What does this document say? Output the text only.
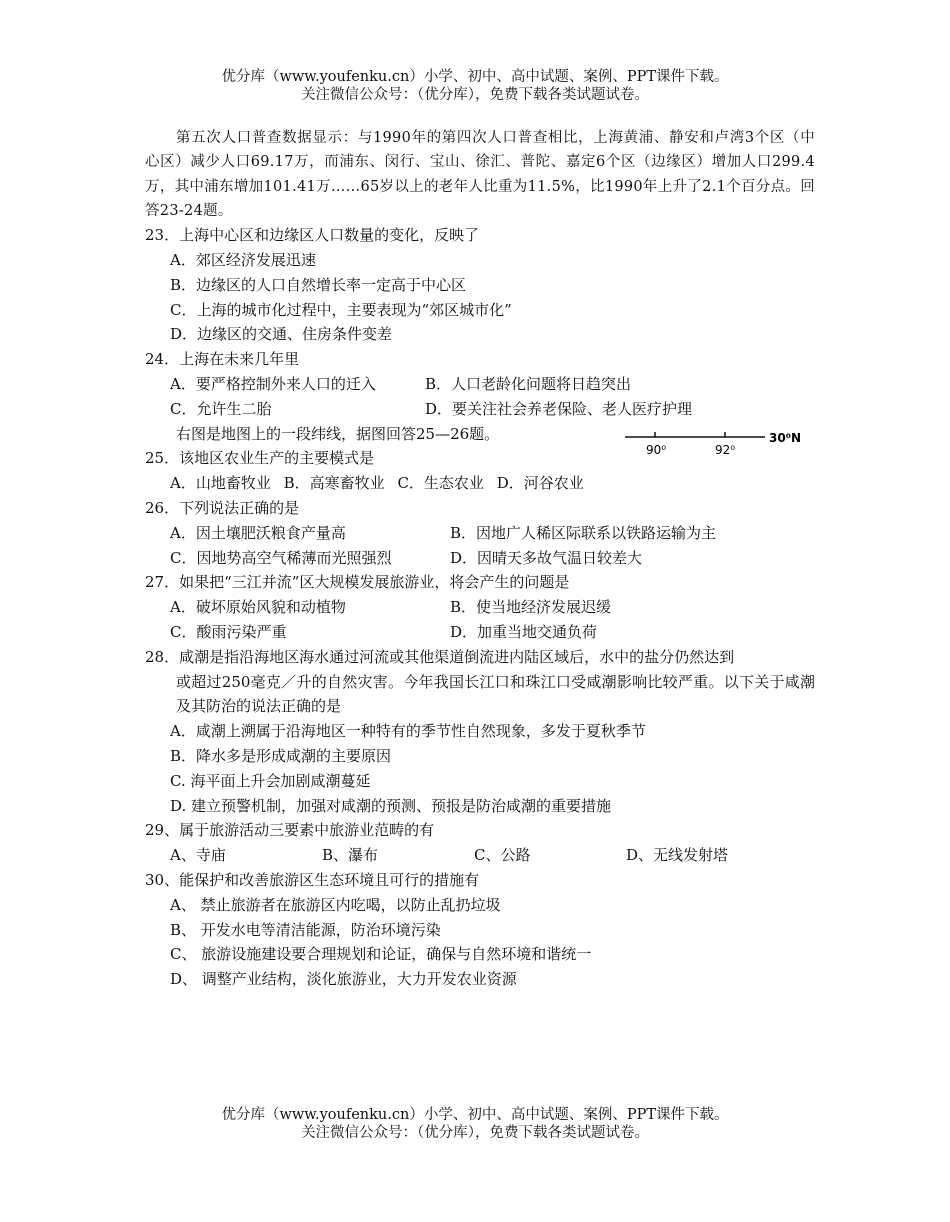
优分库（www.youfenku.cn）小学、初中、高中试题、案例、PPT课件下载。
关注微信公众号：（优分库），免费下载各类试题试卷。

第五次人口普查数据显示：与1990年的第四次人口普查相比，上海黄浦、静安和卢湾3个区（中心区）减少人口69.17万，而浦东、闵行、宝山、徐汇、普陀、嘉定6个区（边缘区）增加人口299.4万，其中浦东增加101.41万……65岁以上的老年人比重为11.5%，比1990年上升了2.1个百分点。回答23-24题。

23．上海中心区和边缘区人口数量的变化，反映了

A．郊区经济发展迅速

B．边缘区的人口自然增长率一定高于中心区

C．上海的城市化过程中，主要表现为“郊区城市化”

D．边缘区的交通、住房条件变差

24．上海在未来几年里

A．要严格控制外来人口的迁入	B．人口老龄化问题将日趋突出
C．允许生二胎	D．要关注社会养老保险、老人医疗护理

右图是地图上的一段纬线，据图回答25—26题。

90⁰	92⁰
30⁰N

25．该地区农业生产的主要模式是

A．山地畜牧业 B．高寒畜牧业 C．生态农业 D．河谷农业

26．下列说法正确的是

A．因土壤肥沃粮食产量高	B．因地广人稀区际联系以铁路运输为主
C．因地势高空气稀薄而光照强烈	D．因晴天多故气温日较差大

27．如果把“三江并流”区大规模发展旅游业，将会产生的问题是

A．破坏原始风貌和动植物	B．使当地经济发展迟缓
C．酸雨污染严重	D．加重当地交通负荷

28．咸潮是指沿海地区海水通过河流或其他渠道倒流进内陆区域后，水中的盐分仍然达到

或超过250毫克／升的自然灾害。今年我国长江口和珠江口受咸潮影响比较严重。以下关于咸潮及其防治的说法正确的是

A．咸潮上溯属于沿海地区一种特有的季节性自然现象，多发于夏秋季节

B．降水多是形成咸潮的主要原因

C. 海平面上升会加剧咸潮蔓延

D. 建立预警机制，加强对咸潮的预测、预报是防治咸潮的重要措施

29、属于旅游活动三要素中旅游业范畴的有

A、寺庙	B、瀑布	C、公路	D、无线发射塔

30、能保护和改善旅游区生态环境且可行的措施有

A、 禁止旅游者在旅游区内吃喝，以防止乱扔垃圾

B、 开发水电等清洁能源，防治环境污染

C、 旅游设施建设要合理规划和论证，确保与自然环境和谐统一

D、 调整产业结构，淡化旅游业，大力开发农业资源

优分库（www.youfenku.cn）小学、初中、高中试题、案例、PPT课件下载。
关注微信公众号：（优分库），免费下载各类试题试卷。
